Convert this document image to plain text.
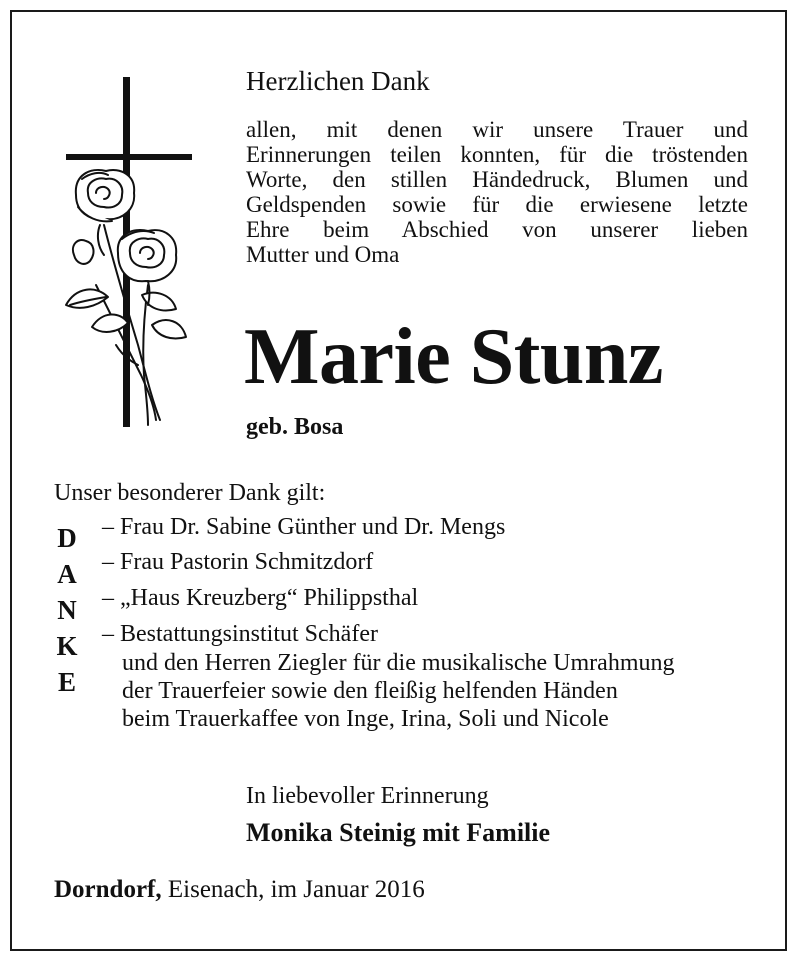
Herzlichen Dank
allen, mit denen wir unsere Trauer und
Erinnerungen teilen konnten, für die tröstenden
Worte, den stillen Händedruck, Blumen und
Geldspenden sowie für die erwiesene letzte
Ehre beim Abschied von unserer lieben
Mutter und Oma
Marie Stunz
geb. Bosa
Unser besonderer Dank gilt:
D
A
N
K
E
– Frau Dr. Sabine Günther und Dr. Mengs
– Frau Pastorin Schmitzdorf
– „Haus Kreuzberg“ Philippsthal
– Bestattungsinstitut Schäfer
und den Herren Ziegler für die musikalische Umrahmung
der Trauerfeier sowie den fleißig helfenden Händen
beim Trauerkaffee von Inge, Irina, Soli und Nicole
In liebevoller Erinnerung
Monika Steinig mit Familie
Dorndorf, Eisenach, im Januar 2016
